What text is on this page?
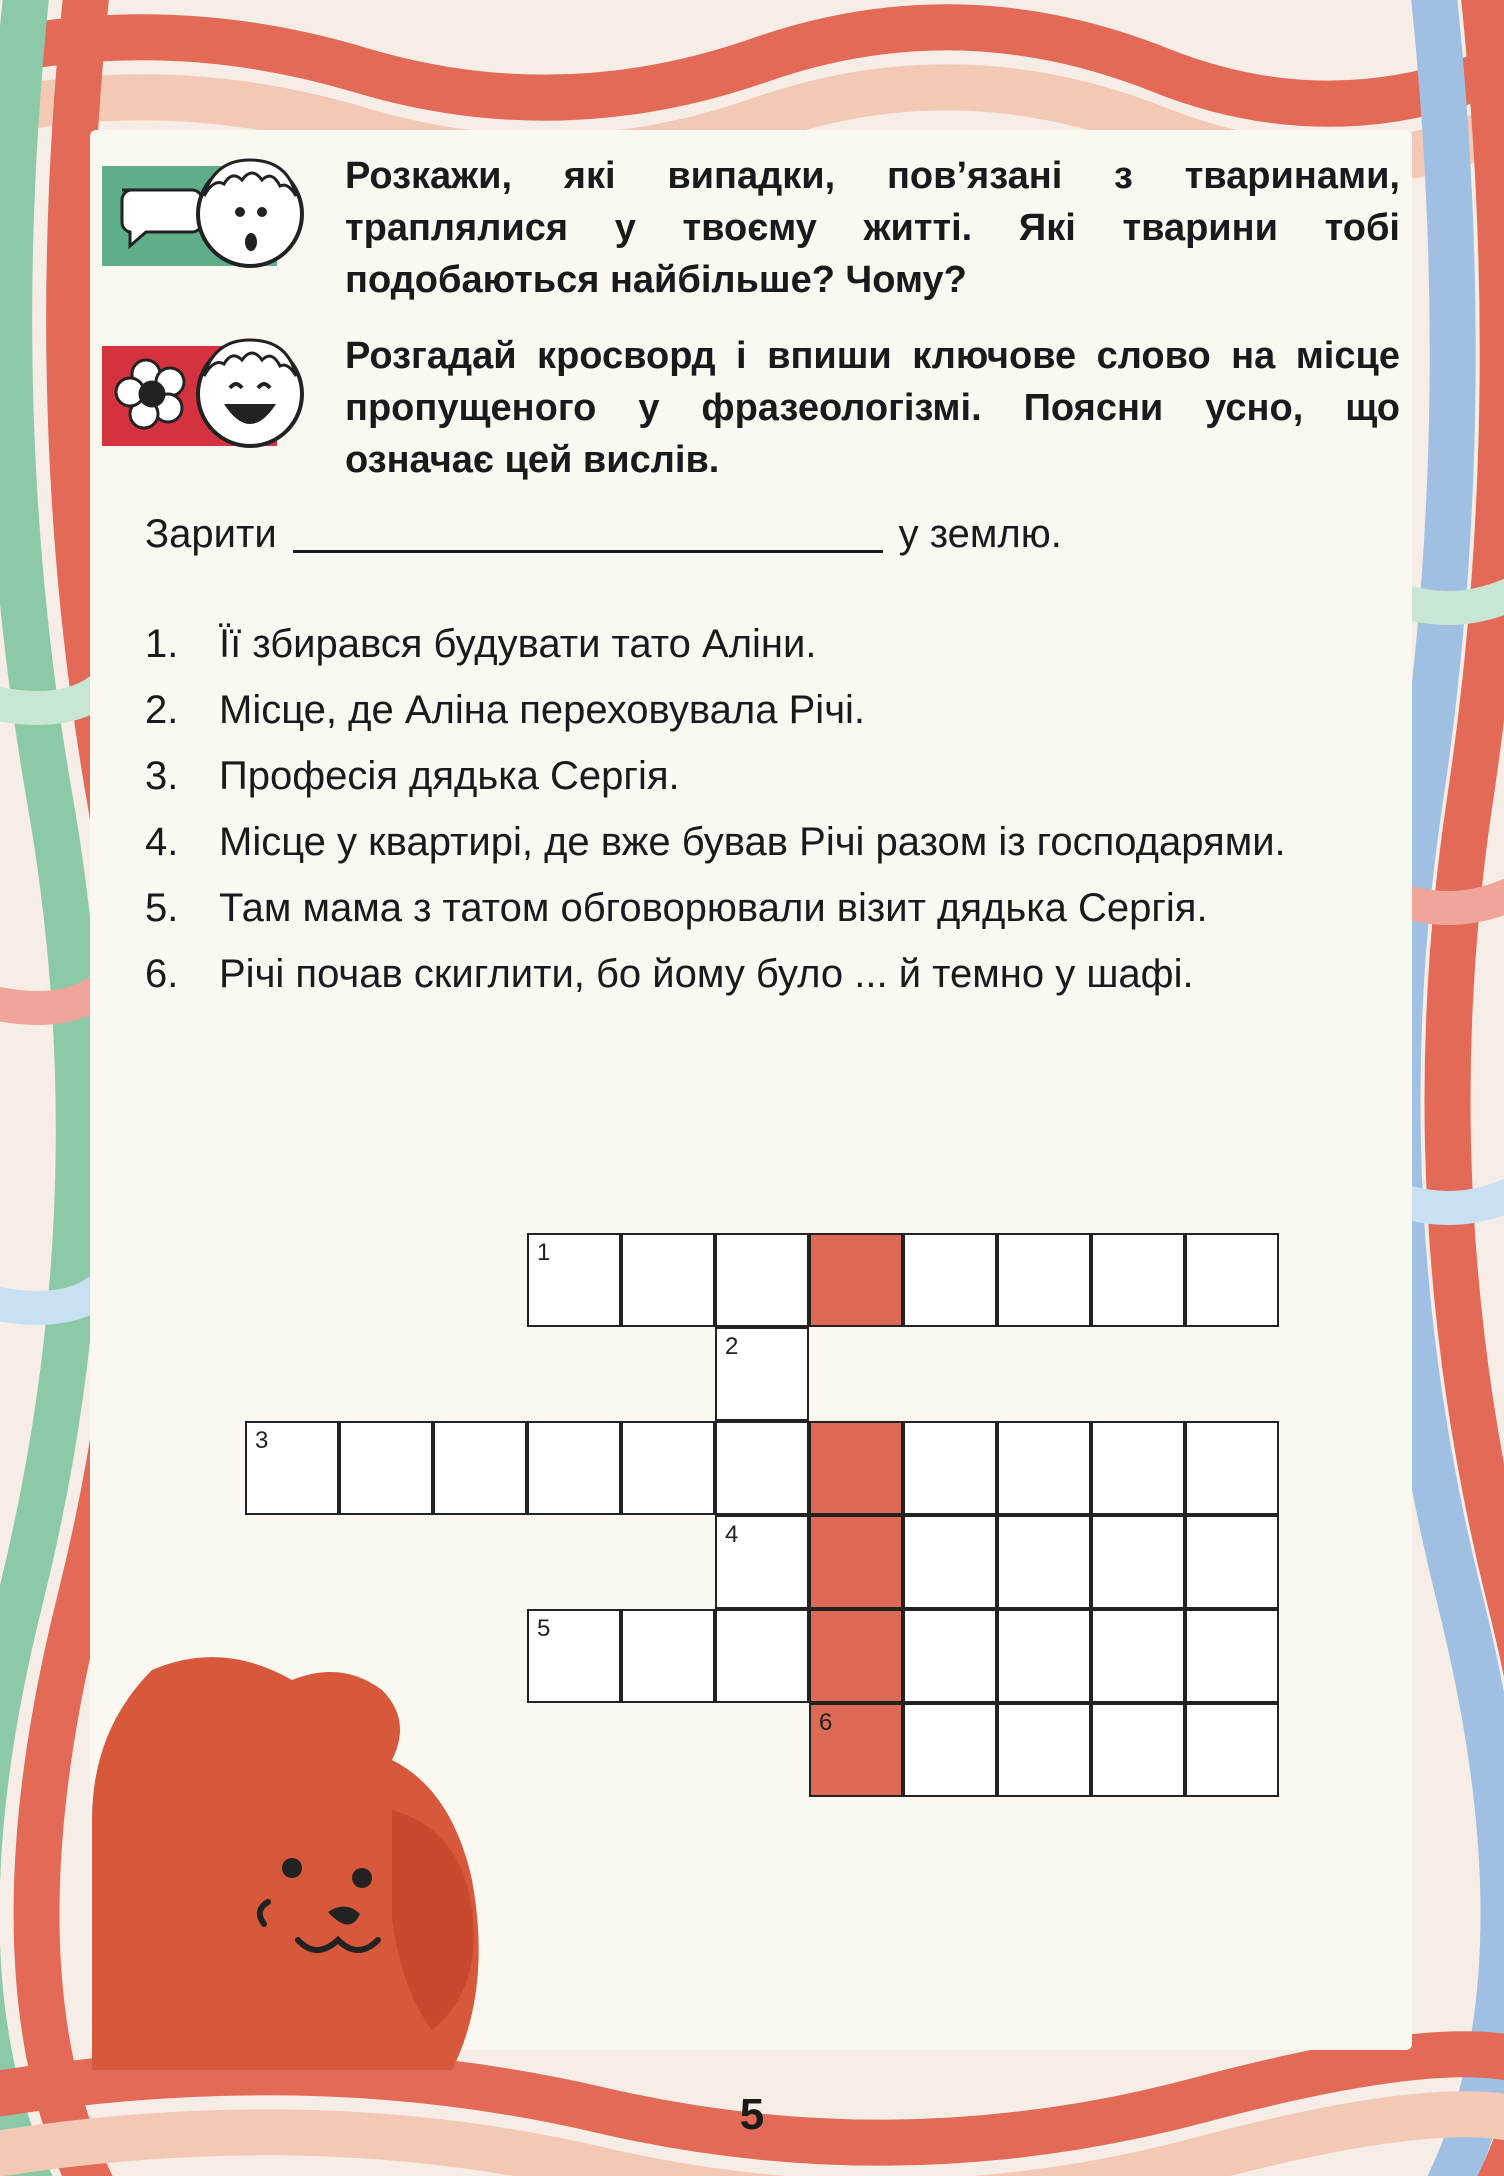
Розкажи, які випадки, пов’язані з тваринами, траплялися у твоєму житті. Які тварини тобі подобаються найбільше? Чому?
Розгадай кросворд і впиши ключове слово на місце пропущеного у фразеологізмі. Поясни усно, що означає цей вислів.
Зарити	у землю.
1. Її збирався будувати тато Аліни.
2. Місце, де Аліна переховувала Річі.
3. Професія дядька Сергія.
4. Місце у квартирі, де вже бував Річі разом із господарями.
5. Там мама з татом обговорювали візит дядька Сергія.
6. Річі почав скиглити, бо йому було ... й темно у шафі.
1
2
3
4
5
6
5
